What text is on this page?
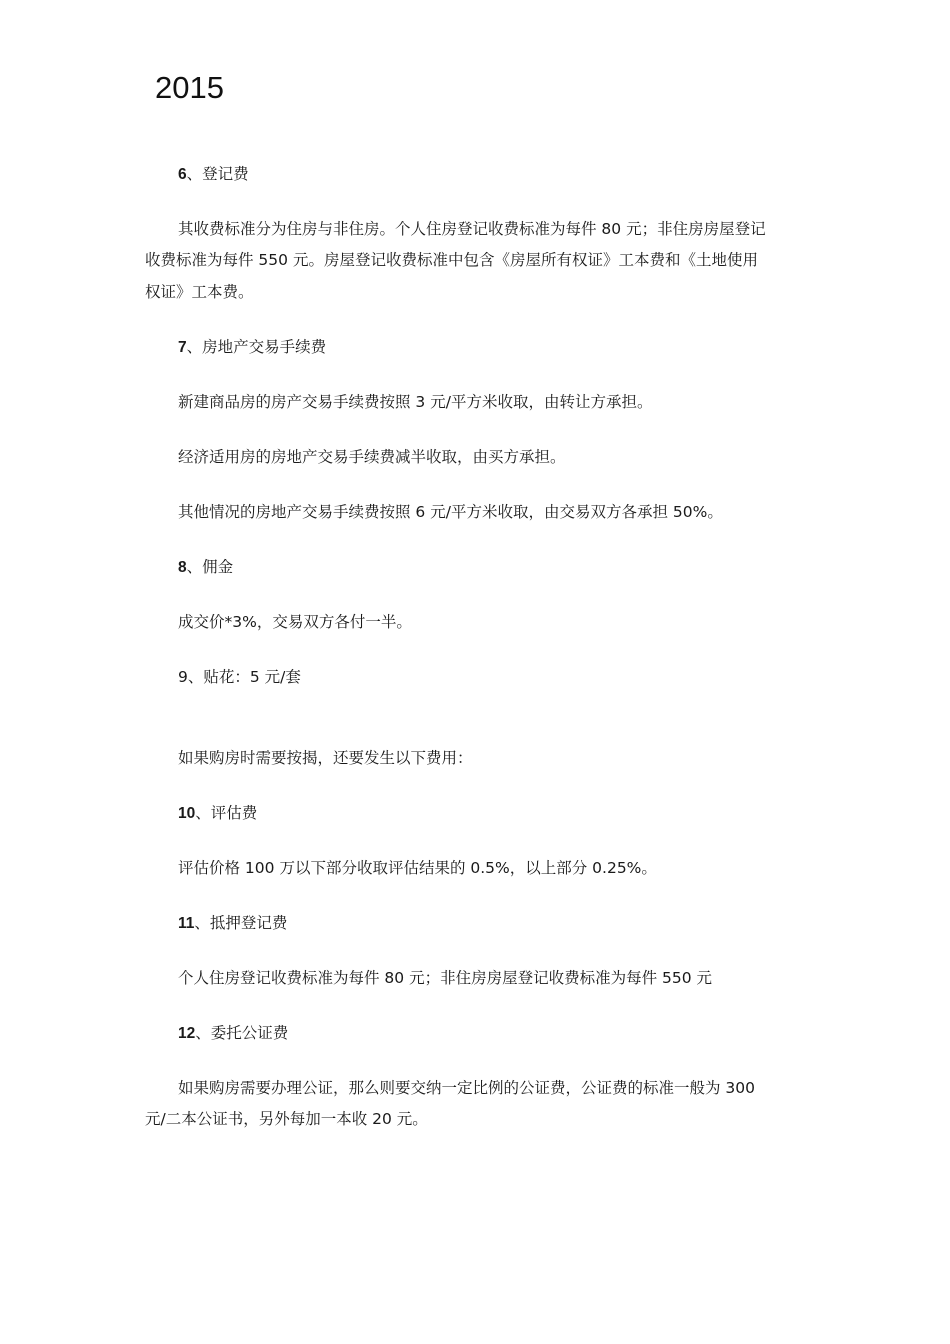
2015

6、登记费

其收费标准分为住房与非住房。个人住房登记收费标准为每件 80 元；非住房房屋登记

收费标准为每件 550 元。房屋登记收费标准中包含《房屋所有权证》工本费和《土地使用

权证》工本费。

7、房地产交易手续费

新建商品房的房产交易手续费按照 3 元/平方米收取，由转让方承担。

经济适用房的房地产交易手续费减半收取，由买方承担。

其他情况的房地产交易手续费按照 6 元/平方米收取，由交易双方各承担 50%。

8、佣金

成交价*3%，交易双方各付一半。

9、贴花：5 元/套

如果购房时需要按揭，还要发生以下费用：

10、评估费

评估价格 100 万以下部分收取评估结果的 0.5%，以上部分 0.25%。

11、抵押登记费

个人住房登记收费标准为每件 80 元；非住房房屋登记收费标准为每件 550 元

12、委托公证费

如果购房需要办理公证，那么则要交纳一定比例的公证费，公证费的标准一般为 300

元/二本公证书，另外每加一本收 20 元。
